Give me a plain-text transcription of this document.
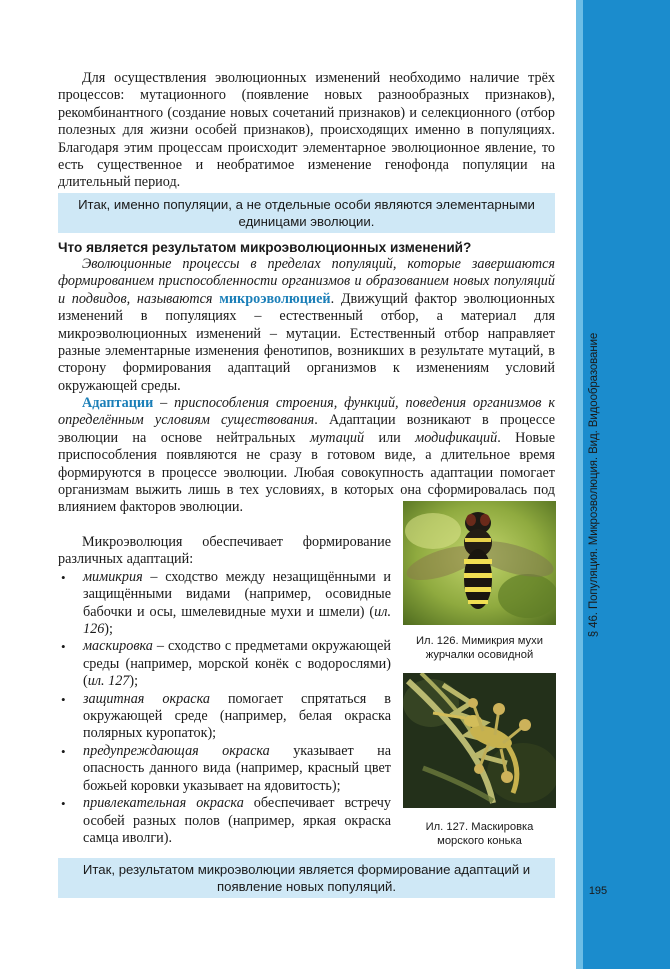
§ 46. Популяция. Микроэволюция. Вид. Видообразование
195

Для осуществления эволюционных изменений необходимо наличие трёх процессов: мутационного (появление новых разнообразных признаков), рекомбинантного (создание новых сочетаний признаков) и селекционного (отбор полезных для жизни особей признаков), происходящих именно в популяциях. Благодаря этим процессам происходит элементарное эволюционное явление, то есть существенное и необратимое изменение генофонда популяции на длительный период.

Итак, именно популяции, а не отдельные особи являются элементарными единицами эволюции.
Что является результатом микроэволюционных изменений?

Эволюционные процессы в пределах популяций, которые завершаются формированием приспособленности организмов и образованием новых популяций и подвидов, называются микроэволюцией. Движущий фактор эволюционных изменений в популяциях – естественный отбор, а материал для микроэволюционных изменений – мутации. Естественный отбор направляет разные элементарные изменения фенотипов, возникших в результате мутаций, в сторону формирования адаптаций организмов к изменениям условий окружающей среды.

Адаптации – приспособления строения, функций, поведения организмов к определённым условиям существования. Адаптации возникают в процессе эволюции на основе нейтральных мутаций или модификаций. Новые приспособления появляются не сразу в готовом виде, а длительное время формируются в процессе эволюции. Любая совокупность адаптации помогает организмам выжить лишь в тех условиях, в которых она сформировалась под влиянием факторов эволюции.

Микроэволюция обеспечивает формирование различных адаптаций:

• мимикрия – сходство между незащищёнными и защищёнными видами (например, осовидные бабочки и осы, шмелевидные мухи и шмели) (ил. 126);
• маскировка – сходство с предметами окружающей среды (например, морской конёк с водорослями) (ил. 127);
• защитная окраска помогает спрятаться в окружающей среде (например, белая окраска полярных куропаток);
• предупреждающая окраска указывает на опасность данного вида (например, красный цвет божьей коровки указывает на ядовитость);
• привлекательная окраска обеспечивает встречу особей разных полов (например, яркая окраска самца иволги).
Ил. 126. Мимикрия мухи журчалки осовидной
Ил. 127. Маскировка морского конька
Итак, результатом микроэволюции является формирование адаптаций и появление новых популяций.
